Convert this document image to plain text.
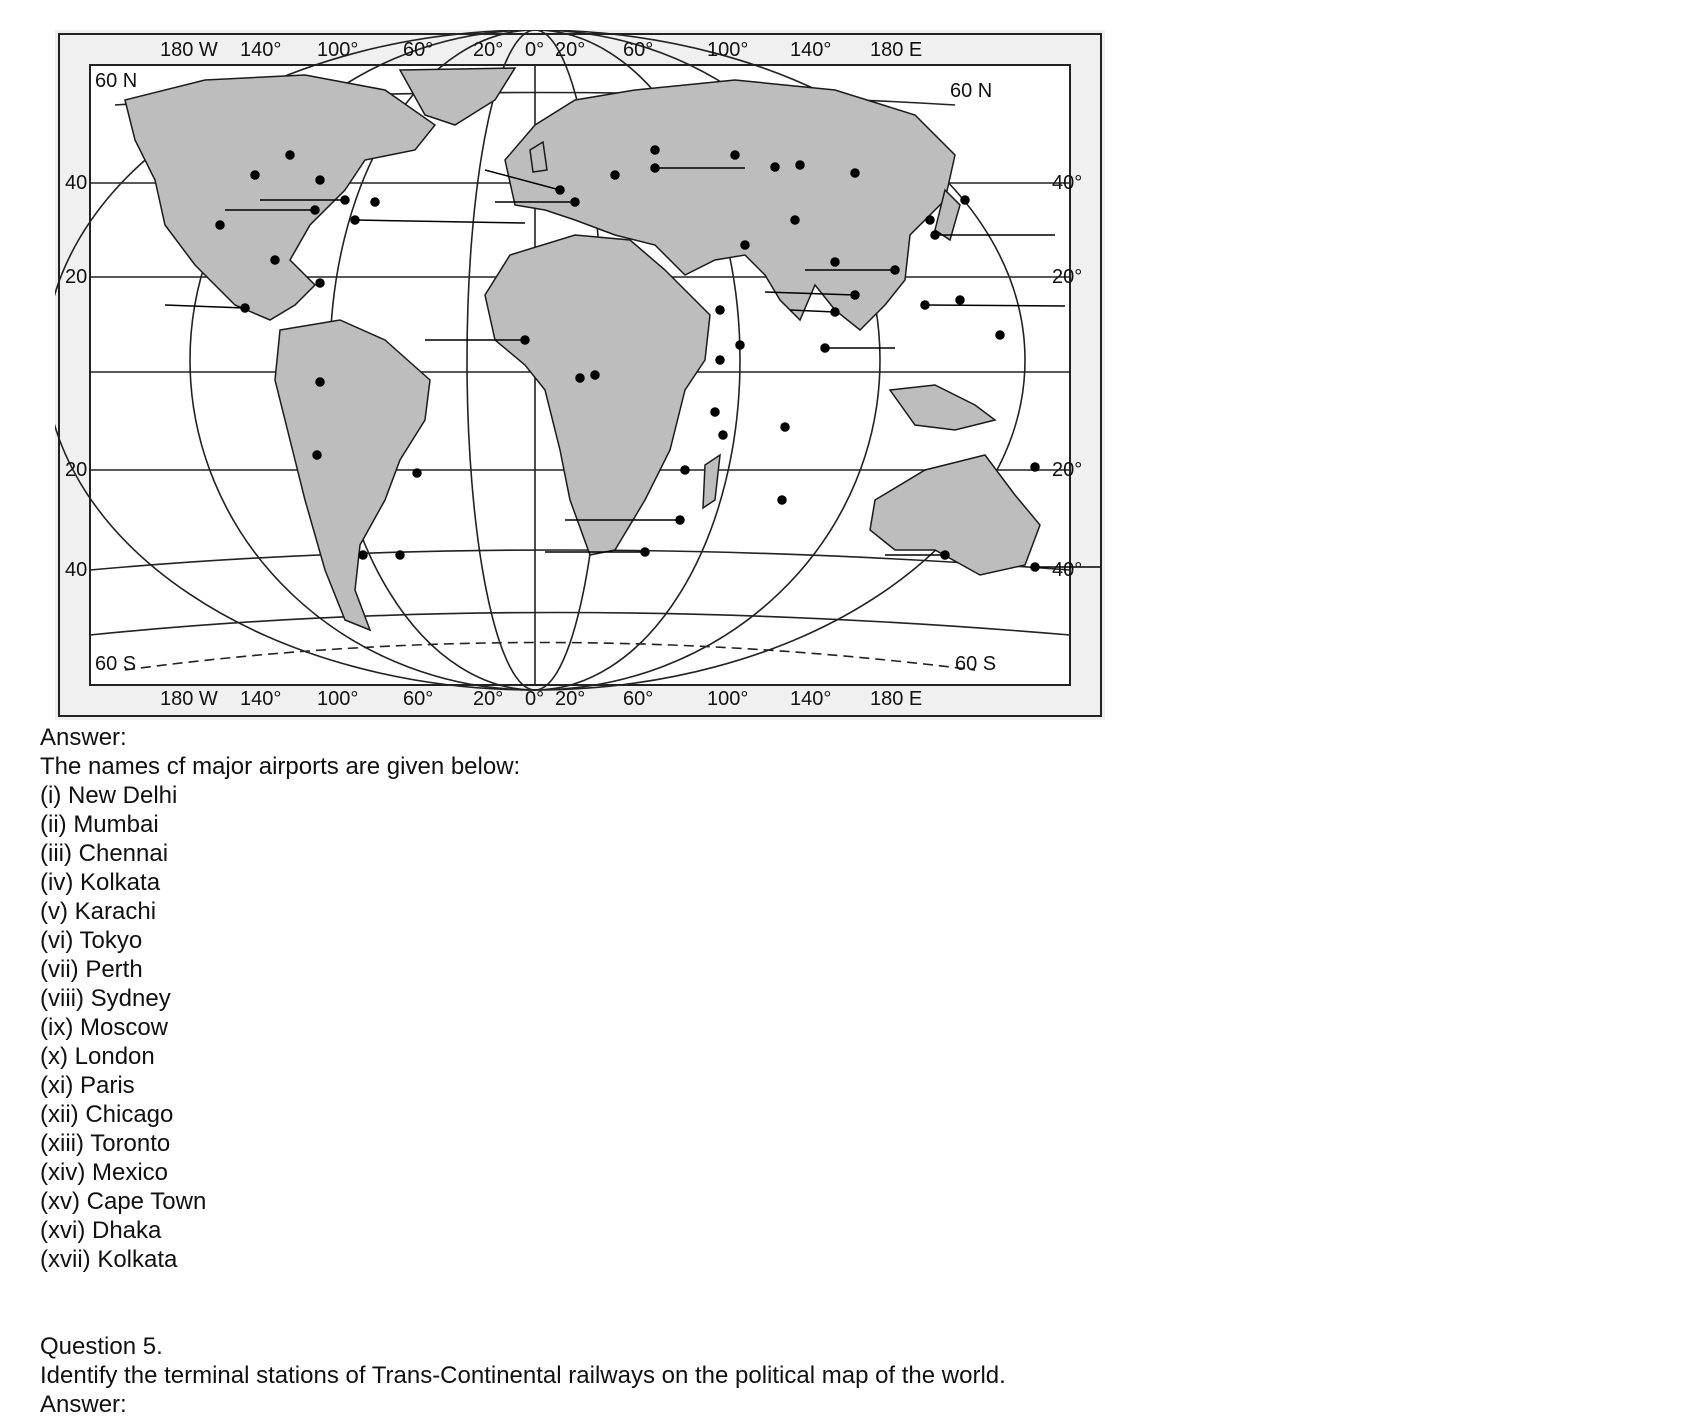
180 W 140° 100° 60° 20° 0° 20° 60°	100° 140° 180 E
180 W 140° 100° 60° 20° 0° 20° 60°	100° 140° 180 E
60 N
40
20
20
40
60 S
60 N
40°
20°
20°
40°
60 S
Answer:
The names cf major airports are given below:
(i) New Delhi
(ii) Mumbai
(iii) Chennai
(iv) Kolkata
(v) Karachi
(vi) Tokyo
(vii) Perth
(viii) Sydney
(ix) Moscow
(x) London
(xi) Paris
(xii) Chicago
(xiii) Toronto
(xiv) Mexico
(xv) Cape Town
(xvi) Dhaka
(xvii) Kolkata
Question 5.
Identify the terminal stations of Trans-Continental railways on the political map of the world.
Answer:
